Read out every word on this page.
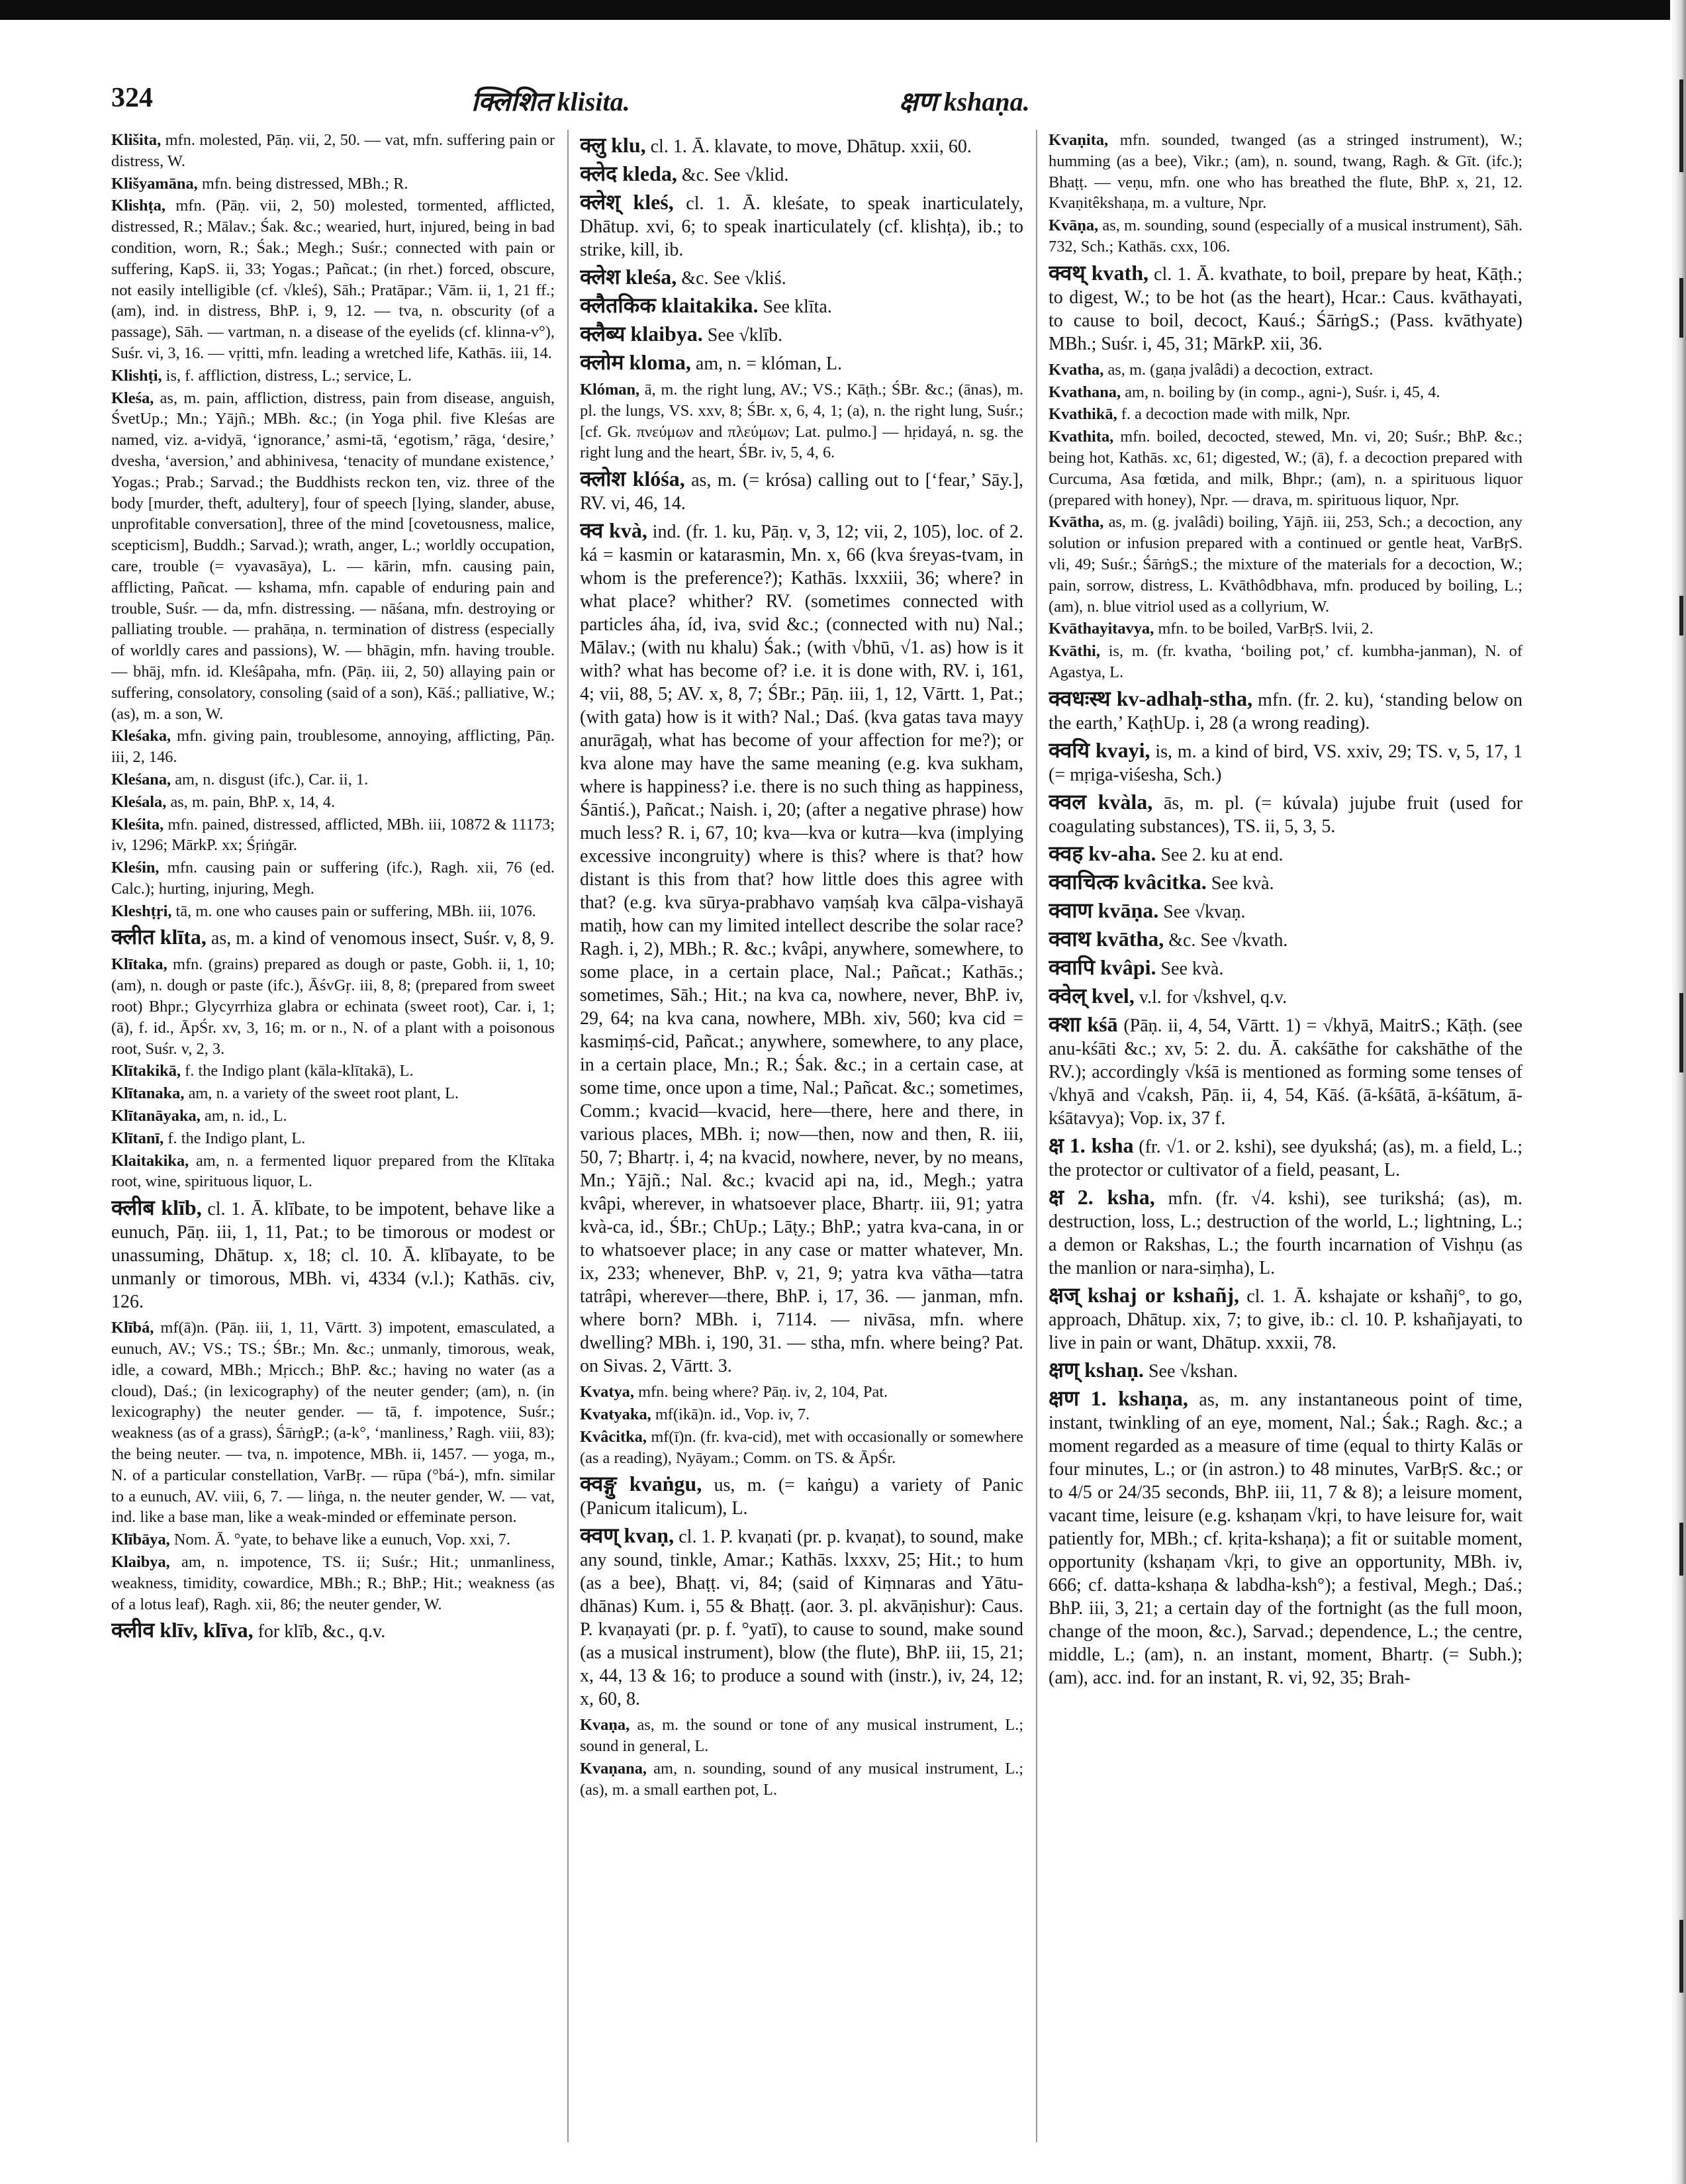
324	क्लिशित klisita.	क्षण kshaṇa.

Klišita, mfn. molested, Pāṇ. vii, 2, 50. — vat, mfn. suffering pain or distress, W.

Klišyamāna, mfn. being distressed, MBh.; R.

Klishṭa, mfn. (Pāṇ. vii, 2, 50) molested, tormented, afflicted, distressed, R.; Mālav.; Śak. &c.; wearied, hurt, injured, being in bad condition, worn, R.; Śak.; Megh.; Suśr.; connected with pain or suffering, KapS. ii, 33; Yogas.; Pañcat.; (in rhet.) forced, obscure, not easily intelligible (cf. √kleś), Sāh.; Pratāpar.; Vām. ii, 1, 21 ff.; (am), ind. in distress, BhP. i, 9, 12. — tva, n. obscurity (of a passage), Sāh. — vartman, n. a disease of the eyelids (cf. klinna-v°), Suśr. vi, 3, 16. — vṛitti, mfn. leading a wretched life, Kathās. iii, 14.

Klishṭi, is, f. affliction, distress, L.; service, L.

Kleśa, as, m. pain, affliction, distress, pain from disease, anguish, ŚvetUp.; Mn.; Yājñ.; MBh. &c.; (in Yoga phil. five Kleśas are named, viz. a-vidyā, ‘ignorance,’ asmi-tā, ‘egotism,’ rāga, ‘desire,’ dvesha, ‘aversion,’ and abhinivesa, ‘tenacity of mundane existence,’ Yogas.; Prab.; Sarvad.; the Buddhists reckon ten, viz. three of the body [murder, theft, adultery], four of speech [lying, slander, abuse, unprofitable conversation], three of the mind [covetousness, malice, scepticism], Buddh.; Sarvad.); wrath, anger, L.; worldly occupation, care, trouble (= vyavasāya), L. — kārin, mfn. causing pain, afflicting, Pañcat. — kshama, mfn. capable of enduring pain and trouble, Suśr. — da, mfn. distressing. — nāśana, mfn. destroying or palliating trouble. — prahāṇa, n. termination of distress (especially of worldly cares and passions), W. — bhāgin, mfn. having trouble. — bhāj, mfn. id. Kleśâpaha, mfn. (Pāṇ. iii, 2, 50) allaying pain or suffering, consolatory, consoling (said of a son), Kāś.; palliative, W.; (as), m. a son, W.

Kleśaka, mfn. giving pain, troublesome, annoying, afflicting, Pāṇ. iii, 2, 146.

Kleśana, am, n. disgust (ifc.), Car. ii, 1.

Kleśala, as, m. pain, BhP. x, 14, 4.

Kleśita, mfn. pained, distressed, afflicted, MBh. iii, 10872 & 11173; iv, 1296; MārkP. xx; Śṛiṅgār.

Kleśin, mfn. causing pain or suffering (ifc.), Ragh. xii, 76 (ed. Calc.); hurting, injuring, Megh.

Kleshṭṛi, tā, m. one who causes pain or suffering, MBh. iii, 1076.

क्लीत klīta, as, m. a kind of venomous insect, Suśr. v, 8, 9.

Klītaka, mfn. (grains) prepared as dough or paste, Gobh. ii, 1, 10; (am), n. dough or paste (ifc.), ĀśvGṛ. iii, 8, 8; (prepared from sweet root) Bhpr.; Glycyrrhiza glabra or echinata (sweet root), Car. i, 1; (ā), f. id., ĀpŚr. xv, 3, 16; m. or n., N. of a plant with a poisonous root, Suśr. v, 2, 3.

Klītakikā, f. the Indigo plant (kāla-klītakā), L.

Klītanaka, am, n. a variety of the sweet root plant, L.

Klītanāyaka, am, n. id., L.

Klītanī, f. the Indigo plant, L.

Klaitakika, am, n. a fermented liquor prepared from the Klītaka root, wine, spirituous liquor, L.

क्लीब klīb, cl. 1. Ā. klībate, to be impotent, behave like a eunuch, Pāṇ. iii, 1, 11, Pat.; to be timorous or modest or unassuming, Dhātup. x, 18; cl. 10. Ā. klībayate, to be unmanly or timorous, MBh. vi, 4334 (v.l.); Kathās. civ, 126.

Klībá, mf(ā)n. (Pāṇ. iii, 1, 11, Vārtt. 3) impotent, emasculated, a eunuch, AV.; VS.; TS.; ŚBr.; Mn. &c.; unmanly, timorous, weak, idle, a coward, MBh.; Mṛicch.; BhP. &c.; having no water (as a cloud), Daś.; (in lexicography) of the neuter gender; (am), n. (in lexicography) the neuter gender. — tā, f. impotence, Suśr.; weakness (as of a grass), ŚārṅgP.; (a-k°, ‘manliness,’ Ragh. viii, 83); the being neuter. — tva, n. impotence, MBh. ii, 1457. — yoga, m., N. of a particular constellation, VarBṛ. — rūpa (°bá-), mfn. similar to a eunuch, AV. viii, 6, 7. — liṅga, n. the neuter gender, W. — vat, ind. like a base man, like a weak-minded or effeminate person.

Klībāya, Nom. Ā. °yate, to behave like a eunuch, Vop. xxi, 7.

Klaibya, am, n. impotence, TS. ii; Suśr.; Hit.; unmanliness, weakness, timidity, cowardice, MBh.; R.; BhP.; Hit.; weakness (as of a lotus leaf), Ragh. xii, 86; the neuter gender, W.

क्लीव klīv, klīva, for klīb, &c., q.v.

क्लु klu, cl. 1. Ā. klavate, to move, Dhātup. xxii, 60.

क्लेद kleda, &c. See √klid.

क्लेश् kleś, cl. 1. Ā. kleśate, to speak inarticulately, Dhātup. xvi, 6; to speak inarticulately (cf. klishṭa), ib.; to strike, kill, ib.

क्लेश kleśa, &c. See √kliś.

क्लैतकिक klaitakika. See klīta.

क्लैब्य klaibya. See √klīb.

क्लोम kloma, am, n. = klóman, L.

Klóman, ā, m. the right lung, AV.; VS.; Kāṭh.; ŚBr. &c.; (ānas), m. pl. the lungs, VS. xxv, 8; ŚBr. x, 6, 4, 1; (a), n. the right lung, Suśr.; [cf. Gk. πνεύμων and πλεύμων; Lat. pulmo.] — hṛidayá, n. sg. the right lung and the heart, ŚBr. iv, 5, 4, 6.

क्लोश klóśa, as, m. (= krósa) calling out to [‘fear,’ Sāy.], RV. vi, 46, 14.

क्व kvà, ind. (fr. 1. ku, Pāṇ. v, 3, 12; vii, 2, 105), loc. of 2. ká = kasmin or katarasmin, Mn. x, 66 (kva śreyas-tvam, in whom is the preference?); Kathās. lxxxiii, 36; where? in what place? whither? RV. (sometimes connected with particles áha, íd, iva, svid &c.; (connected with nu) Nal.; Mālav.; (with nu khalu) Śak.; (with √bhū, √1. as) how is it with? what has become of? i.e. it is done with, RV. i, 161, 4; vii, 88, 5; AV. x, 8, 7; ŚBr.; Pāṇ. iii, 1, 12, Vārtt. 1, Pat.; (with gata) how is it with? Nal.; Daś. (kva gatas tava mayy anurāgaḥ, what has become of your affection for me?); or kva alone may have the same meaning (e.g. kva sukham, where is happiness? i.e. there is no such thing as happiness, Śāntiś.), Pañcat.; Naish. i, 20; (after a negative phrase) how much less? R. i, 67, 10; kva—kva or kutra—kva (implying excessive incongruity) where is this? where is that? how distant is this from that? how little does this agree with that? (e.g. kva sūrya-prabhavo vaṃśaḥ kva cālpa-vishayā matiḥ, how can my limited intellect describe the solar race? Ragh. i, 2), MBh.; R. &c.; kvâpi, anywhere, somewhere, to some place, in a certain place, Nal.; Pañcat.; Kathās.; sometimes, Sāh.; Hit.; na kva ca, nowhere, never, BhP. iv, 29, 64; na kva cana, nowhere, MBh. xiv, 560; kva cid = kasmiṃś-cid, Pañcat.; anywhere, somewhere, to any place, in a certain place, Mn.; R.; Śak. &c.; in a certain case, at some time, once upon a time, Nal.; Pañcat. &c.; sometimes, Comm.; kvacid—kvacid, here—there, here and there, in various places, MBh. i; now—then, now and then, R. iii, 50, 7; Bhartṛ. i, 4; na kvacid, nowhere, never, by no means, Mn.; Yājñ.; Nal. &c.; kvacid api na, id., Megh.; yatra kvâpi, wherever, in whatsoever place, Bhartṛ. iii, 91; yatra kvà-ca, id., ŚBr.; ChUp.; Lāṭy.; BhP.; yatra kva-cana, in or to whatsoever place; in any case or matter whatever, Mn. ix, 233; whenever, BhP. v, 21, 9; yatra kva vātha—tatra tatrâpi, wherever—there, BhP. i, 17, 36. — janman, mfn. where born? MBh. i, 7114. — nivāsa, mfn. where dwelling? MBh. i, 190, 31. — stha, mfn. where being? Pat. on Sivas. 2, Vārtt. 3.

Kvatya, mfn. being where? Pāṇ. iv, 2, 104, Pat.

Kvatyaka, mf(ikā)n. id., Vop. iv, 7.

Kvâcitka, mf(ī)n. (fr. kva-cid), met with occasionally or somewhere (as a reading), Nyāyam.; Comm. on TS. & ĀpŚr.

क्वङ्गु kvaṅgu, us, m. (= kaṅgu) a variety of Panic (Panicum italicum), L.

क्वण् kvaṇ, cl. 1. P. kvaṇati (pr. p. kvaṇat), to sound, make any sound, tinkle, Amar.; Kathās. lxxxv, 25; Hit.; to hum (as a bee), Bhaṭṭ. vi, 84; (said of Kiṃnaras and Yātu-dhānas) Kum. i, 55 & Bhaṭṭ. (aor. 3. pl. akvāṇishur): Caus. P. kvaṇayati (pr. p. f. °yatī), to cause to sound, make sound (as a musical instrument), blow (the flute), BhP. iii, 15, 21; x, 44, 13 & 16; to produce a sound with (instr.), iv, 24, 12; x, 60, 8.

Kvaṇa, as, m. the sound or tone of any musical instrument, L.; sound in general, L.

Kvaṇana, am, n. sounding, sound of any musical instrument, L.; (as), m. a small earthen pot, L.

Kvaṇita, mfn. sounded, twanged (as a stringed instrument), W.; humming (as a bee), Vikr.; (am), n. sound, twang, Ragh. & Gīt. (ifc.); Bhaṭṭ. — veṇu, mfn. one who has breathed the flute, BhP. x, 21, 12. Kvaṇitêkshaṇa, m. a vulture, Npr.

Kvāṇa, as, m. sounding, sound (especially of a musical instrument), Sāh. 732, Sch.; Kathās. cxx, 106.

क्वथ् kvath, cl. 1. Ā. kvathate, to boil, prepare by heat, Kāṭh.; to digest, W.; to be hot (as the heart), Hcar.: Caus. kvāthayati, to cause to boil, decoct, Kauś.; ŚārṅgS.; (Pass. kvāthyate) MBh.; Suśr. i, 45, 31; MārkP. xii, 36.

Kvatha, as, m. (gaṇa jvalâdi) a decoction, extract.

Kvathana, am, n. boiling by (in comp., agni-), Suśr. i, 45, 4.

Kvathikā, f. a decoction made with milk, Npr.

Kvathita, mfn. boiled, decocted, stewed, Mn. vi, 20; Suśr.; BhP. &c.; being hot, Kathās. xc, 61; digested, W.; (ā), f. a decoction prepared with Curcuma, Asa fœtida, and milk, Bhpr.; (am), n. a spirituous liquor (prepared with honey), Npr. — drava, m. spirituous liquor, Npr.

Kvātha, as, m. (g. jvalâdi) boiling, Yājñ. iii, 253, Sch.; a decoction, any solution or infusion prepared with a continued or gentle heat, VarBṛS. vli, 49; Suśr.; ŚārṅgS.; the mixture of the materials for a decoction, W.; pain, sorrow, distress, L. Kvāthôdbhava, mfn. produced by boiling, L.; (am), n. blue vitriol used as a collyrium, W.

Kvāthayitavya, mfn. to be boiled, VarBṛS. lvii, 2.

Kvāthi, is, m. (fr. kvatha, ‘boiling pot,’ cf. kumbha-janman), N. of Agastya, L.

क्वधःस्थ kv-adhaḥ-stha, mfn. (fr. 2. ku), ‘standing below on the earth,’ KaṭhUp. i, 28 (a wrong reading).

क्वयि kvayi, is, m. a kind of bird, VS. xxiv, 29; TS. v, 5, 17, 1 (= mṛiga-viśesha, Sch.)

क्वल kvàla, ās, m. pl. (= kúvala) jujube fruit (used for coagulating substances), TS. ii, 5, 3, 5.

क्वह kv-aha. See 2. ku at end.

क्वाचित्क kvâcitka. See kvà.

क्वाण kvāṇa. See √kvaṇ.

क्वाथ kvātha, &c. See √kvath.

क्वापि kvâpi. See kvà.

क्वेल् kvel, v.l. for √kshvel, q.v.

क्शा kśā (Pāṇ. ii, 4, 54, Vārtt. 1) = √khyā, MaitrS.; Kāṭh. (see anu-kśāti &c.; xv, 5: 2. du. Ā. cakśāthe for cakshāthe of the RV.); accordingly √kśā is mentioned as forming some tenses of √khyā and √caksh, Pāṇ. ii, 4, 54, Kāś. (ā-kśātā, ā-kśātum, ā-kśātavya); Vop. ix, 37 f.

क्ष 1. ksha (fr. √1. or 2. kshi), see dyukshá; (as), m. a field, L.; the protector or cultivator of a field, peasant, L.

क्ष 2. ksha, mfn. (fr. √4. kshi), see turikshá; (as), m. destruction, loss, L.; destruction of the world, L.; lightning, L.; a demon or Rakshas, L.; the fourth incarnation of Vishṇu (as the manlion or nara-siṃha), L.

क्षज् kshaj or kshañj, cl. 1. Ā. kshajate or kshañj°, to go, approach, Dhātup. xix, 7; to give, ib.: cl. 10. P. kshañjayati, to live in pain or want, Dhātup. xxxii, 78.

क्षण् kshaṇ. See √kshan.

क्षण 1. kshaṇa, as, m. any instantaneous point of time, instant, twinkling of an eye, moment, Nal.; Śak.; Ragh. &c.; a moment regarded as a measure of time (equal to thirty Kalās or four minutes, L.; or (in astron.) to 48 minutes, VarBṛS. &c.; or to 4/5 or 24/35 seconds, BhP. iii, 11, 7 & 8); a leisure moment, vacant time, leisure (e.g. kshaṇam √kṛi, to have leisure for, wait patiently for, MBh.; cf. kṛita-kshaṇa); a fit or suitable moment, opportunity (kshaṇam √kṛi, to give an opportunity, MBh. iv, 666; cf. datta-kshaṇa & labdha-ksh°); a festival, Megh.; Daś.; BhP. iii, 3, 21; a certain day of the fortnight (as the full moon, change of the moon, &c.), Sarvad.; dependence, L.; the centre, middle, L.; (am), n. an instant, moment, Bhartṛ. (= Subh.); (am), acc. ind. for an instant, R. vi, 92, 35; Brah-
